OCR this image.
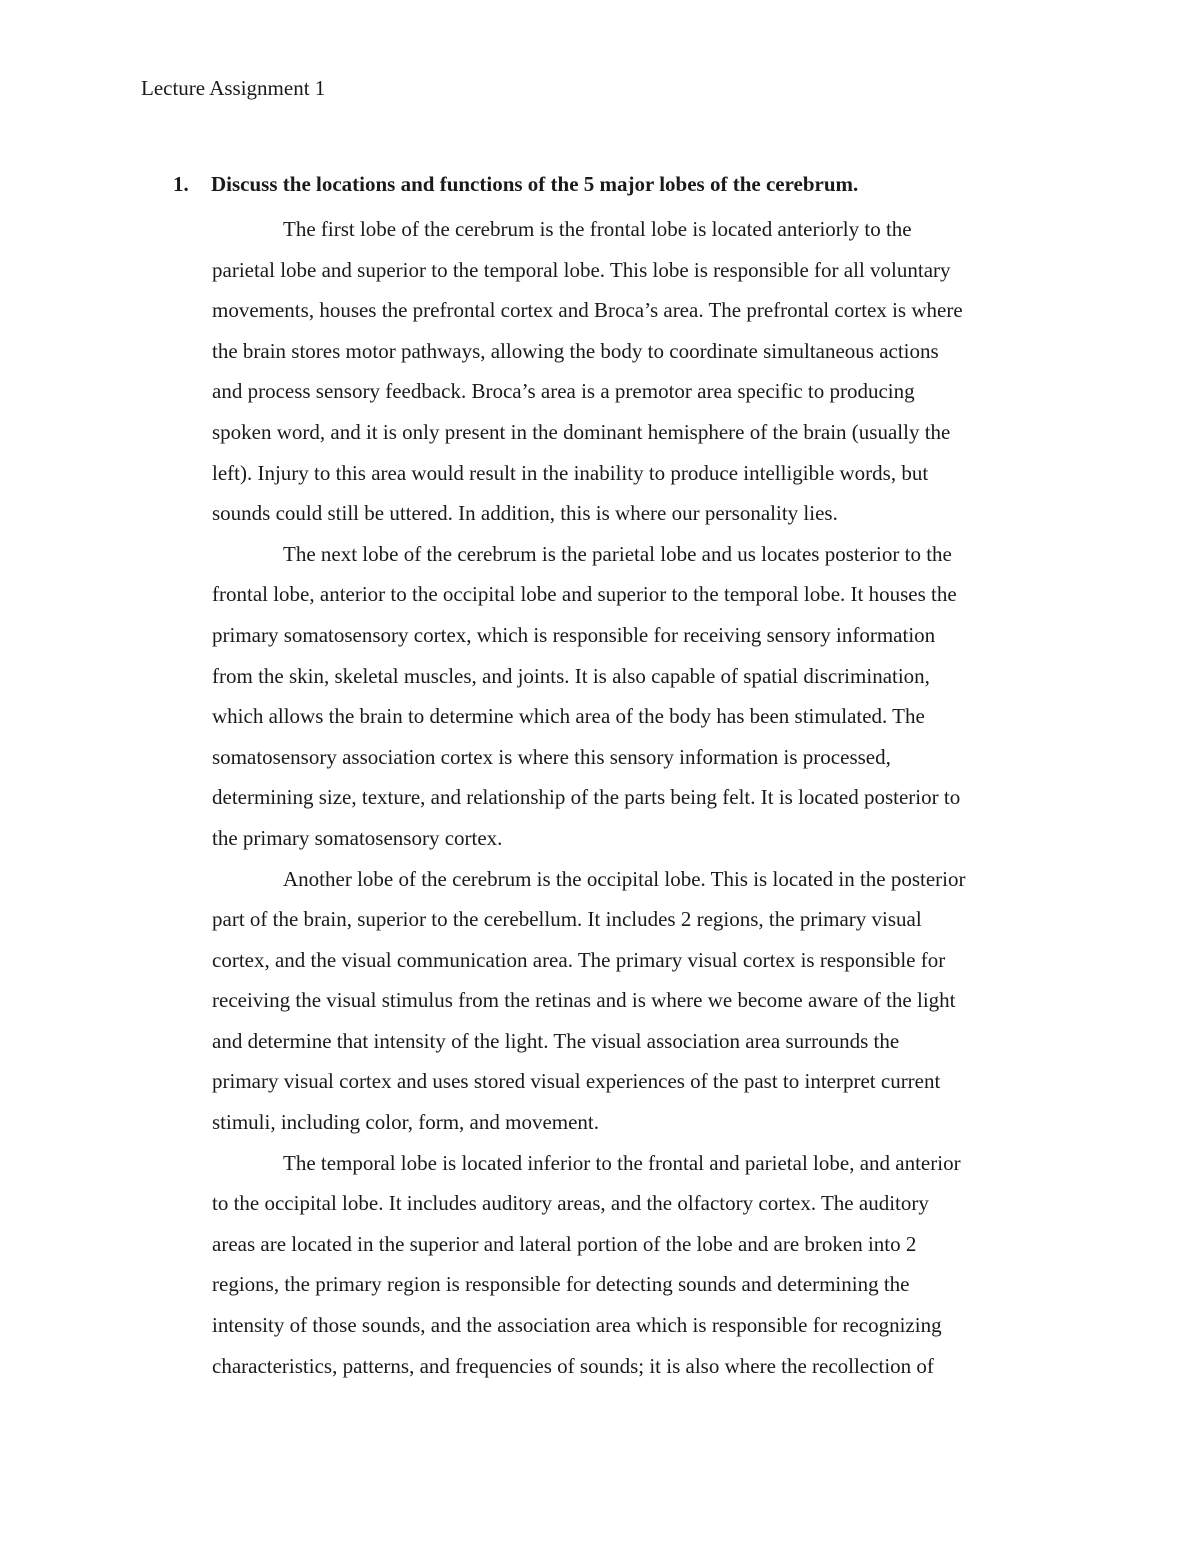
Lecture Assignment 1
1. Discuss the locations and functions of the 5 major lobes of the cerebrum.
The first lobe of the cerebrum is the frontal lobe is located anteriorly to the
parietal lobe and superior to the temporal lobe. This lobe is responsible for all voluntary
movements, houses the prefrontal cortex and Broca’s area. The prefrontal cortex is where
the brain stores motor pathways, allowing the body to coordinate simultaneous actions
and process sensory feedback. Broca’s area is a premotor area specific to producing
spoken word, and it is only present in the dominant hemisphere of the brain (usually the
left). Injury to this area would result in the inability to produce intelligible words, but
sounds could still be uttered. In addition, this is where our personality lies.
The next lobe of the cerebrum is the parietal lobe and us locates posterior to the
frontal lobe, anterior to the occipital lobe and superior to the temporal lobe. It houses the
primary somatosensory cortex, which is responsible for receiving sensory information
from the skin, skeletal muscles, and joints. It is also capable of spatial discrimination,
which allows the brain to determine which area of the body has been stimulated. The
somatosensory association cortex is where this sensory information is processed,
determining size, texture, and relationship of the parts being felt. It is located posterior to
the primary somatosensory cortex.
Another lobe of the cerebrum is the occipital lobe. This is located in the posterior
part of the brain, superior to the cerebellum. It includes 2 regions, the primary visual
cortex, and the visual communication area. The primary visual cortex is responsible for
receiving the visual stimulus from the retinas and is where we become aware of the light
and determine that intensity of the light. The visual association area surrounds the
primary visual cortex and uses stored visual experiences of the past to interpret current
stimuli, including color, form, and movement.
The temporal lobe is located inferior to the frontal and parietal lobe, and anterior
to the occipital lobe. It includes auditory areas, and the olfactory cortex. The auditory
areas are located in the superior and lateral portion of the lobe and are broken into 2
regions, the primary region is responsible for detecting sounds and determining the
intensity of those sounds, and the association area which is responsible for recognizing
characteristics, patterns, and frequencies of sounds; it is also where the recollection of
